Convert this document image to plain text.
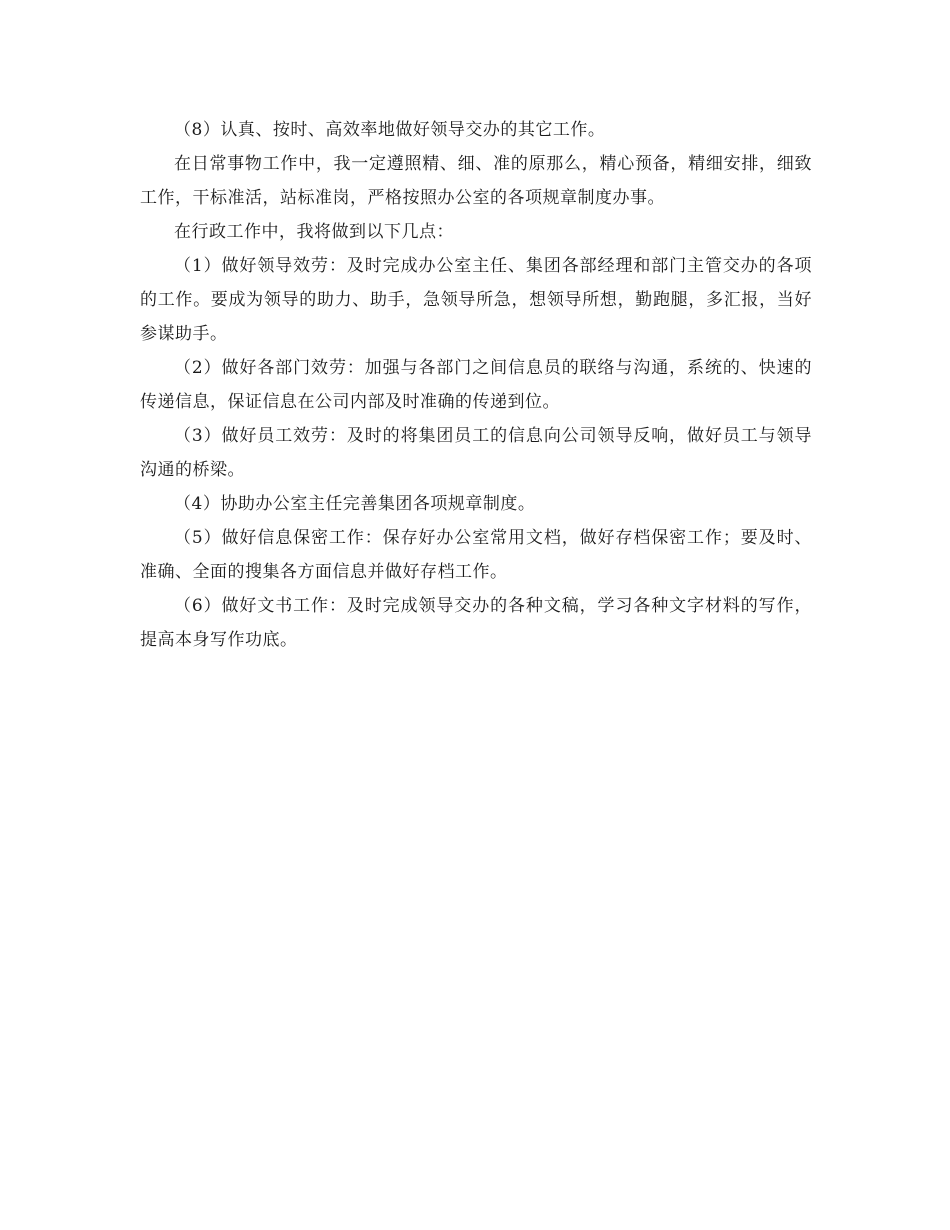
（8）认真、按时、高效率地做好领导交办的其它工作。

在日常事物工作中，我一定遵照精、细、准的原那么，精心预备，精细安排，细致工作，干标准活，站标准岗，严格按照办公室的各项规章制度办事。

在行政工作中，我将做到以下几点：

（1）做好领导效劳：及时完成办公室主任、集团各部经理和部门主管交办的各项的工作。要成为领导的助力、助手，急领导所急，想领导所想，勤跑腿，多汇报，当好参谋助手。

（2）做好各部门效劳：加强与各部门之间信息员的联络与沟通，系统的、快速的传递信息，保证信息在公司内部及时准确的传递到位。

（3）做好员工效劳：及时的将集团员工的信息向公司领导反响，做好员工与领导沟通的桥梁。

（4）协助办公室主任完善集团各项规章制度。

（5）做好信息保密工作：保存好办公室常用文档，做好存档保密工作；要及时、准确、全面的搜集各方面信息并做好存档工作。

（6）做好文书工作：及时完成领导交办的各种文稿，学习各种文字材料的写作，提高本身写作功底。
